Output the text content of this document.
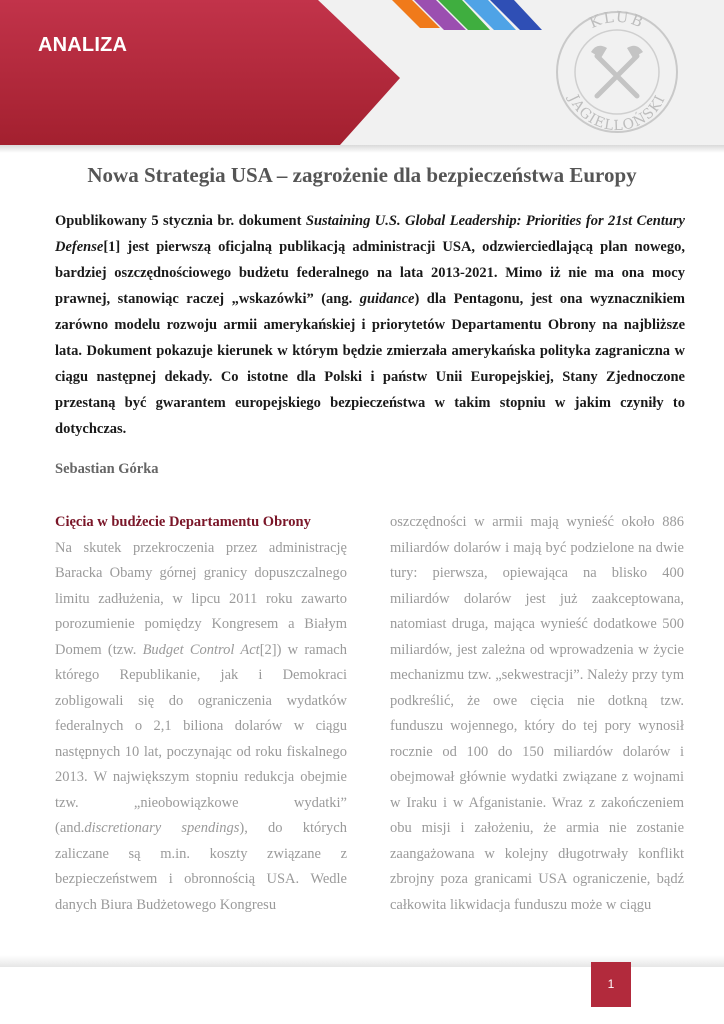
ANALIZA
KLUB
JAGIELLOŃSKI
Nowa Strategia USA – zagrożenie dla bezpieczeństwa Europy

Opublikowany 5 stycznia br. dokument Sustaining U.S. Global Leadership: Priorities for 21st Century Defense[1] jest pierwszą oficjalną publikacją administracji USA, odzwierciedlającą plan nowego, bardziej oszczędnościowego budżetu federalnego na lata 2013-2021. Mimo iż nie ma ona mocy prawnej, stanowiąc raczej „wskazówki” (ang. guidance) dla Pentagonu, jest ona wyznacznikiem zarówno modelu rozwoju armii amerykańskiej i priorytetów Departamentu Obrony na najbliższe lata. Dokument pokazuje kierunek w którym będzie zmierzała amerykańska polityka zagraniczna w ciągu następnej dekady. Co istotne dla Polski i państw Unii Europejskiej, Stany Zjednoczone przestaną być gwarantem europejskiego bezpieczeństwa w takim stopniu w jakim czyniły to dotychczas.

Sebastian Górka

Cięcia w budżecie Departamentu Obrony

Na skutek przekroczenia przez administrację Baracka Obamy górnej granicy dopuszczalnego limitu zadłużenia, w lipcu 2011 roku zawarto porozumienie pomiędzy Kongresem a Białym Domem (tzw. Budget Control Act[2]) w ramach którego Republikanie, jak i Demokraci zobligowali się do ograniczenia wydatków federalnych o 2,1 biliona dolarów w ciągu następnych 10 lat, poczynając od roku fiskalnego 2013. W największym stopniu redukcja obejmie tzw. „nieobowiązkowe wydatki” (and.discretionary spendings), do których zaliczane są m.in. koszty związane z bezpieczeństwem i obronnością USA. Wedle danych Biura Budżetowego Kongresu

oszczędności w armii mają wynieść około 886 miliardów dolarów i mają być podzielone na dwie tury: pierwsza, opiewająca na blisko 400 miliardów dolarów jest już zaakceptowana, natomiast druga, mająca wynieść dodatkowe 500 miliardów, jest zależna od wprowadzenia w życie mechanizmu tzw. „sekwestracji”. Należy przy tym podkreślić, że owe cięcia nie dotkną tzw. funduszu wojennego, który do tej pory wynosił rocznie od 100 do 150 miliardów dolarów i obejmował głównie wydatki związane z wojnami w Iraku i w Afganistanie. Wraz z zakończeniem obu misji i założeniu, że armia nie zostanie zaangażowana w kolejny długotrwały konflikt zbrojny poza granicami USA ograniczenie, bądź całkowita likwidacja funduszu może w ciągu

1
